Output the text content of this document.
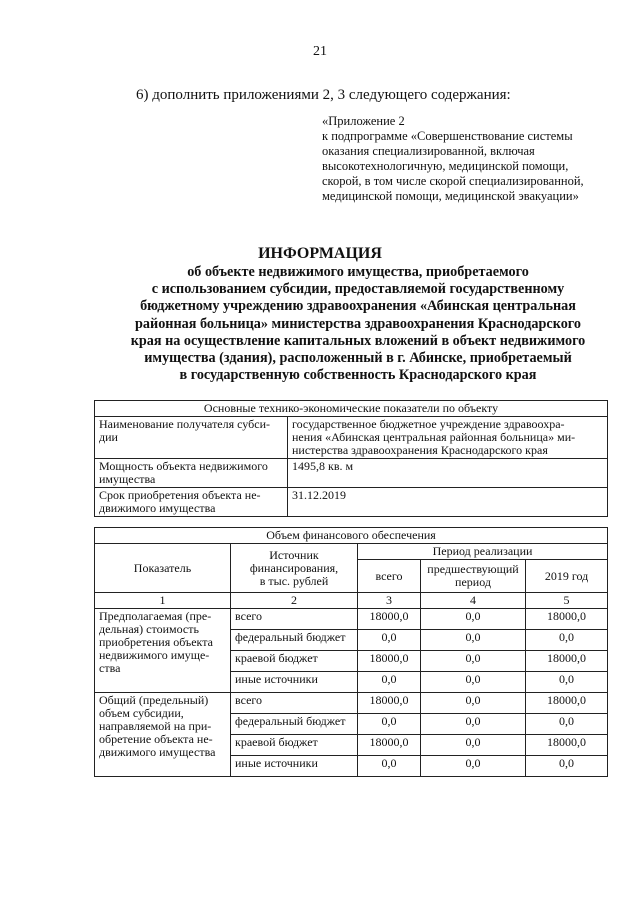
21
6) дополнить приложениями 2, 3 следующего содержания:
«Приложение 2
к подпрограмме «Совершенствование системы
оказания специализированной, включая
высокотехнологичную, медицинской помощи,
скорой, в том числе скорой специализированной,
медицинской помощи, медицинской эвакуации»
ИНФОРМАЦИЯ
об объекте недвижимого имущества, приобретаемого
с использованием субсидии, предоставляемой государственному
бюджетному учреждению здравоохранения «Абинская центральная
районная больница» министерства здравоохранения Краснодарского
края на осуществление капитальных вложений в объект недвижимого
имущества (здания), расположенный в г. Абинске, приобретаемый
в государственную собственность Краснодарского края
Основные технико-экономические показатели по объекту	
Наименование получателя субси-
дии	государственное бюджетное учреждение здравоохра-
нения «Абинская центральная районная больница» ми-
нистерства здравоохранения Краснодарского края
Мощность объекта недвижимого
имущества	1495,8 кв. м
Срок приобретения объекта не-
движимого имущества	31.12.2019
Объем финансового обеспечения				
Показатель	Источник
финансирования,
в тыс. рублей	Период реализации		
		всего	предшествующий
период	2019 год
1	2	3	4	5
Предполагаемая (пре-
дельная) стоимость
приобретения объекта
недвижимого имуще-
ства	всего	18000,0	0,0	18000,0
	федеральный бюджет	0,0	0,0	0,0
	краевой бюджет	18000,0	0,0	18000,0
	иные источники	0,0	0,0	0,0
Общий (предельный)
объем субсидии,
направляемой на при-
обретение объекта не-
движимого имущества	всего	18000,0	0,0	18000,0
	федеральный бюджет	0,0	0,0	0,0
	краевой бюджет	18000,0	0,0	18000,0
	иные источники	0,0	0,0	0,0
